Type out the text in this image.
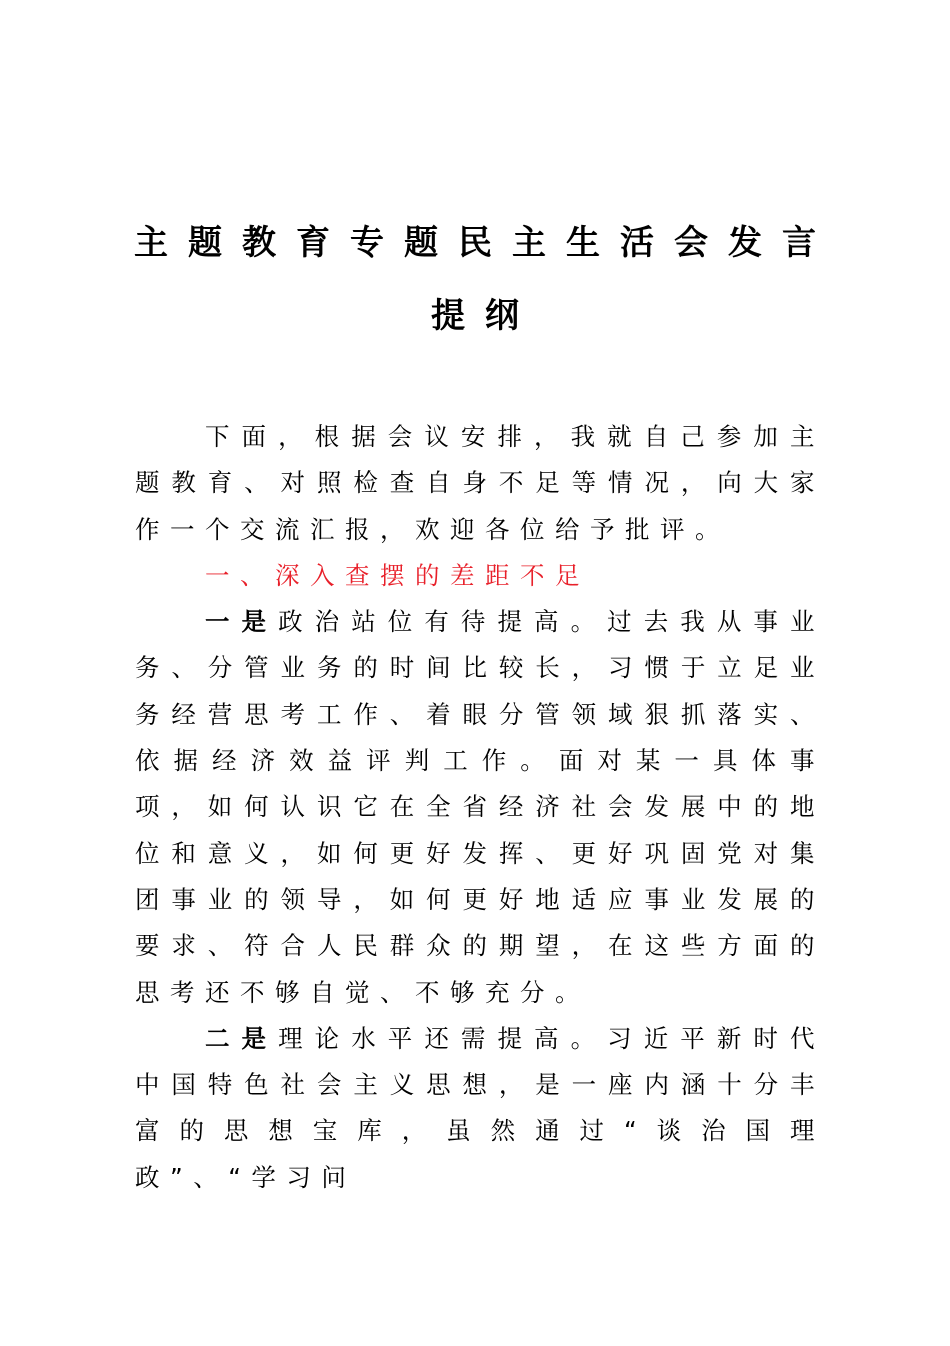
主题教育专题民主生活会发言
提纲

下面，根据会议安排，我就自己参加主题教育、对照检查自身不足等情况，向大家作一个交流汇报，欢迎各位给予批评。

一、深入查摆的差距不足

一是政治站位有待提高。过去我从事业务、分管业务的时间比较长，习惯于立足业务经营思考工作、着眼分管领域狠抓落实、依据经济效益评判工作。面对某一具体事项，如何认识它在全省经济社会发展中的地位和意义，如何更好发挥、更好巩固党对集团事业的领导，如何更好地适应事业发展的要求、符合人民群众的期望，在这些方面的思考还不够自觉、不够充分。

二是理论水平还需提高。习近平新时代中国特色社会主义思想，是一座内涵十分丰富的思想宝库，虽然通过“谈治国理政”、“学习问
